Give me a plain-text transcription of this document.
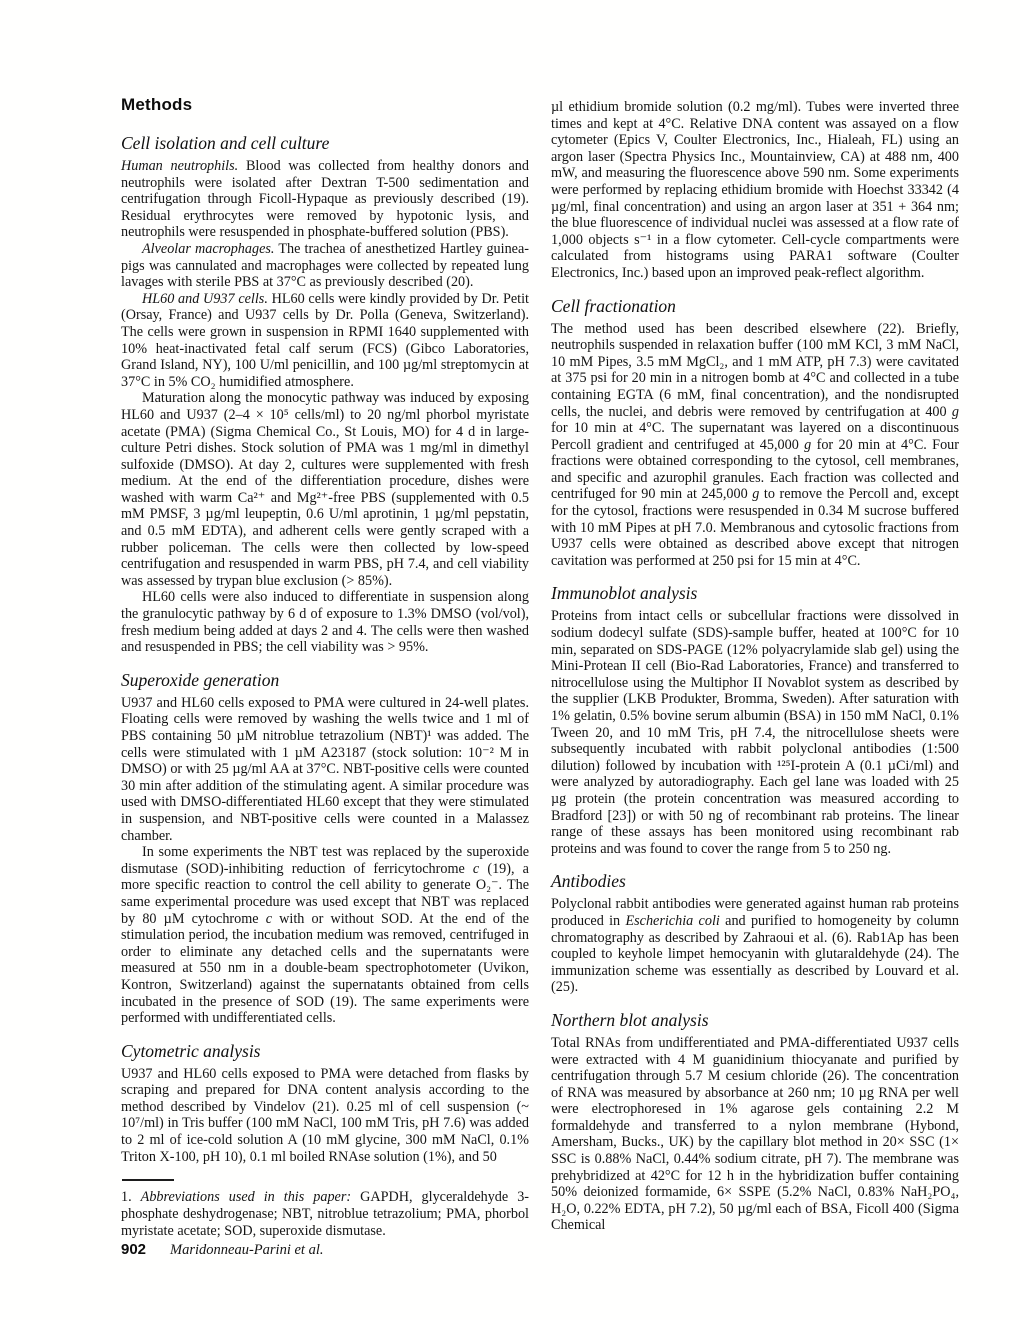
Methods
Cell isolation and cell culture

Human neutrophils. Blood was collected from healthy donors and neutrophils were isolated after Dextran T-500 sedimentation and centrifugation through Ficoll-Hypaque as previously described (19). Residual erythrocytes were removed by hypotonic lysis, and neutrophils were resuspended in phosphate-buffered solution (PBS).

Alveolar macrophages. The trachea of anesthetized Hartley guinea-pigs was cannulated and macrophages were collected by repeated lung lavages with sterile PBS at 37°C as previously described (20).

HL60 and U937 cells. HL60 cells were kindly provided by Dr. Petit (Orsay, France) and U937 cells by Dr. Polla (Geneva, Switzerland). The cells were grown in suspension in RPMI 1640 supplemented with 10% heat-inactivated fetal calf serum (FCS) (Gibco Laboratories, Grand Island, NY), 100 U/ml penicillin, and 100 µg/ml streptomycin at 37°C in 5% CO₂ humidified atmosphere.

Maturation along the monocytic pathway was induced by exposing HL60 and U937 (2–4 × 10⁵ cells/ml) to 20 ng/ml phorbol myristate acetate (PMA) (Sigma Chemical Co., St Louis, MO) for 4 d in large-culture Petri dishes. Stock solution of PMA was 1 mg/ml in dimethyl sulfoxide (DMSO). At day 2, cultures were supplemented with fresh medium. At the end of the differentiation procedure, dishes were washed with warm Ca²⁺ and Mg²⁺-free PBS (supplemented with 0.5 mM PMSF, 3 µg/ml leupeptin, 0.6 U/ml aprotinin, 1 µg/ml pepstatin, and 0.5 mM EDTA), and adherent cells were gently scraped with a rubber policeman. The cells were then collected by low-speed centrifugation and resuspended in warm PBS, pH 7.4, and cell viability was assessed by trypan blue exclusion (> 85%).

HL60 cells were also induced to differentiate in suspension along the granulocytic pathway by 6 d of exposure to 1.3% DMSO (vol/vol), fresh medium being added at days 2 and 4. The cells were then washed and resuspended in PBS; the cell viability was > 95%.

Superoxide generation

U937 and HL60 cells exposed to PMA were cultured in 24-well plates. Floating cells were removed by washing the wells twice and 1 ml of PBS containing 50 µM nitroblue tetrazolium (NBT)¹ was added. The cells were stimulated with 1 µM A23187 (stock solution: 10⁻² M in DMSO) or with 25 µg/ml AA at 37°C. NBT-positive cells were counted 30 min after addition of the stimulating agent. A similar procedure was used with DMSO-differentiated HL60 except that they were stimulated in suspension, and NBT-positive cells were counted in a Malassez chamber.

In some experiments the NBT test was replaced by the superoxide dismutase (SOD)-inhibiting reduction of ferricytochrome c (19), a more specific reaction to control the cell ability to generate O₂⁻. The same experimental procedure was used except that NBT was replaced by 80 µM cytochrome c with or without SOD. At the end of the stimulation period, the incubation medium was removed, centrifuged in order to eliminate any detached cells and the supernatants were measured at 550 nm in a double-beam spectrophotometer (Uvikon, Kontron, Switzerland) against the supernatants obtained from cells incubated in the presence of SOD (19). The same experiments were performed with undifferentiated cells.

Cytometric analysis

U937 and HL60 cells exposed to PMA were detached from flasks by scraping and prepared for DNA content analysis according to the method described by Vindelov (21). 0.25 ml of cell suspension (~ 10⁷/ml) in Tris buffer (100 mM NaCl, 100 mM Tris, pH 7.6) was added to 2 ml of ice-cold solution A (10 mM glycine, 300 mM NaCl, 0.1% Triton X-100, pH 10), 0.1 ml boiled RNAse solution (1%), and 50

1. Abbreviations used in this paper: GAPDH, glyceraldehyde 3-phosphate deshydrogenase; NBT, nitroblue tetrazolium; PMA, phorbol myristate acetate; SOD, superoxide dismutase.

µl ethidium bromide solution (0.2 mg/ml). Tubes were inverted three times and kept at 4°C. Relative DNA content was assayed on a flow cytometer (Epics V, Coulter Electronics, Inc., Hialeah, FL) using an argon laser (Spectra Physics Inc., Mountainview, CA) at 488 nm, 400 mW, and measuring the fluorescence above 590 nm. Some experiments were performed by replacing ethidium bromide with Hoechst 33342 (4 µg/ml, final concentration) and using an argon laser at 351 + 364 nm; the blue fluorescence of individual nuclei was assessed at a flow rate of 1,000 objects s⁻¹ in a flow cytometer. Cell-cycle compartments were calculated from histograms using PARA1 software (Coulter Electronics, Inc.) based upon an improved peak-reflect algorithm.

Cell fractionation

The method used has been described elsewhere (22). Briefly, neutrophils suspended in relaxation buffer (100 mM KCl, 3 mM NaCl, 10 mM Pipes, 3.5 mM MgCl₂, and 1 mM ATP, pH 7.3) were cavitated at 375 psi for 20 min in a nitrogen bomb at 4°C and collected in a tube containing EGTA (6 mM, final concentration), and the nondisrupted cells, the nuclei, and debris were removed by centrifugation at 400 g for 10 min at 4°C. The supernatant was layered on a discontinuous Percoll gradient and centrifuged at 45,000 g for 20 min at 4°C. Four fractions were obtained corresponding to the cytosol, cell membranes, and specific and azurophil granules. Each fraction was collected and centrifuged for 90 min at 245,000 g to remove the Percoll and, except for the cytosol, fractions were resuspended in 0.34 M sucrose buffered with 10 mM Pipes at pH 7.0. Membranous and cytosolic fractions from U937 cells were obtained as described above except that nitrogen cavitation was performed at 250 psi for 15 min at 4°C.

Immunoblot analysis

Proteins from intact cells or subcellular fractions were dissolved in sodium dodecyl sulfate (SDS)-sample buffer, heated at 100°C for 10 min, separated on SDS-PAGE (12% polyacrylamide slab gel) using the Mini-Protean II cell (Bio-Rad Laboratories, France) and transferred to nitrocellulose using the Multiphor II Novablot system as described by the supplier (LKB Produkter, Bromma, Sweden). After saturation with 1% gelatin, 0.5% bovine serum albumin (BSA) in 150 mM NaCl, 0.1% Tween 20, and 10 mM Tris, pH 7.4, the nitrocellulose sheets were subsequently incubated with rabbit polyclonal antibodies (1:500 dilution) followed by incubation with ¹²⁵I-protein A (0.1 µCi/ml) and were analyzed by autoradiography. Each gel lane was loaded with 25 µg protein (the protein concentration was measured according to Bradford [23]) or with 50 ng of recombinant rab proteins. The linear range of these assays has been monitored using recombinant rab proteins and was found to cover the range from 5 to 250 ng.

Antibodies

Polyclonal rabbit antibodies were generated against human rab proteins produced in Escherichia coli and purified to homogeneity by column chromatography as described by Zahraoui et al. (6). Rab1Ap has been coupled to keyhole limpet hemocyanin with glutaraldehyde (24). The immunization scheme was essentially as described by Louvard et al. (25).

Northern blot analysis

Total RNAs from undifferentiated and PMA-differentiated U937 cells were extracted with 4 M guanidinium thiocyanate and purified by centrifugation through 5.7 M cesium chloride (26). The concentration of RNA was measured by absorbance at 260 nm; 10 µg RNA per well were electrophoresed in 1% agarose gels containing 2.2 M formaldehyde and transferred to a nylon membrane (Hybond, Amersham, Bucks., UK) by the capillary blot method in 20× SSC (1× SSC is 0.88% NaCl, 0.44% sodium citrate, pH 7). The membrane was prehybridized at 42°C for 12 h in the hybridization buffer containing 50% deionized formamide, 6× SSPE (5.2% NaCl, 0.83% NaH₂PO₄, H₂O, 0.22% EDTA, pH 7.2), 50 µg/ml each of BSA, Ficoll 400 (Sigma Chemical

902 Maridonneau-Parini et al.
